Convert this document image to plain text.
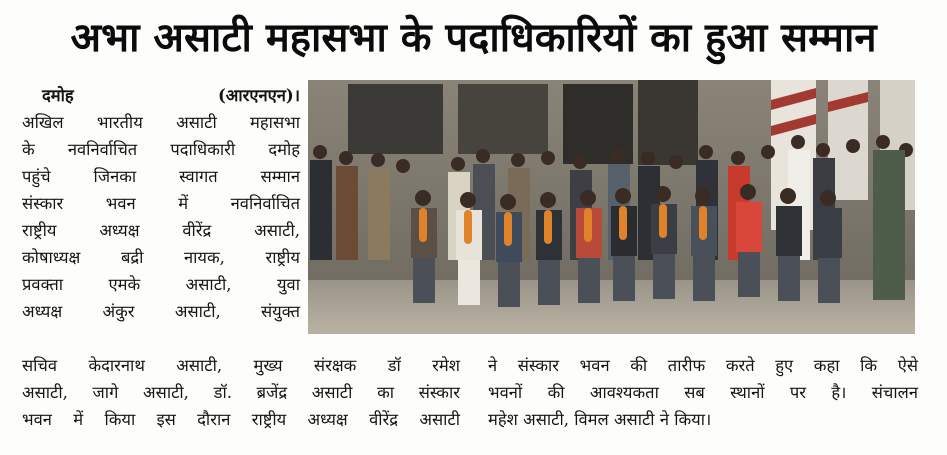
अभा असाटी महासभा के पदाधिकारियों का हुआ सम्मान
दमोह	(आरएनएन)।
अखिल भारतीय असाटी महासभा
के नवनिर्वाचित पदाधिकारी दमोह
पहुंचे जिनका स्वागत सम्मान
संस्कार भवन में नवनिर्वाचित
राष्ट्रीय अध्यक्ष वीरेंद्र असाटी,
कोषाध्यक्ष बद्री नायक, राष्ट्रीय
प्रवक्ता एमके असाटी, युवा
अध्यक्ष अंकुर असाटी, संयुक्त
सचिव केदारनाथ असाटी, मुख्य संरक्षक डॉ रमेश
असाटी, जागे असाटी, डॉ. ब्रजेंद्र असाटी का संस्कार
भवन में किया इस दौरान राष्ट्रीय अध्यक्ष वीरेंद्र असाटी
ने संस्कार भवन की तारीफ करते हुए कहा कि ऐसे
भवनों की आवश्यकता सब स्थानों पर है। संचालन
महेश असाटी, विमल असाटी ने किया।
